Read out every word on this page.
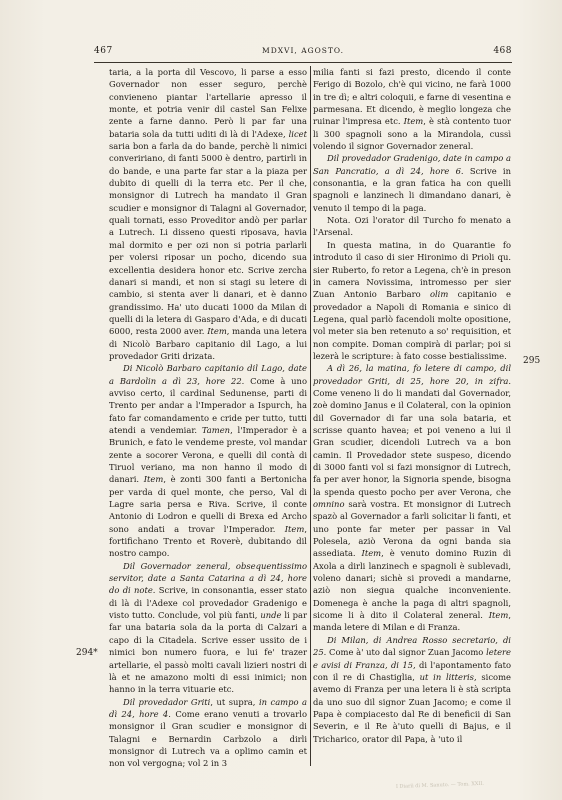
467	MDXVI, AGOSTO.	468
294*
295

taria, a la porta dil Vescovo, li parse a esso Governador non esser seguro, perchè convieneno piantar l'artellarie apresso il monte, et potria venir dil castel San Felixe zente a farne danno. Però li par far una bataria sola da tutti uditi di là di l'Adexe, licet saria bon a farla da do bande, perchè li nimici conveririano, di fanti 5000 è dentro, partirli in do bande, e una parte far star a la piaza per dubito di quelli di la terra etc. Per il che, monsignor di Lutrech ha mandato il Gran scudier e monsignor di Talagni al Governador, quali tornati, esso Proveditor andò per parlar a Lutrech. Li disseno questi riposava, havia mal dormito e per ozi non si potria parlarli per volersi riposar un pocho, dicendo sua excellentia desidera honor etc. Scrive zercha danari si mandi, et non si stagi su letere di cambio, si stenta aver li danari, et è danno grandissimo. Ha' uto ducati 1000 da Milan di quelli di la letera di Gasparo d'Ada, e di ducati 6000, resta 2000 aver. Item, manda una letera di Nicolò Barbaro capitanio dil Lago, a lui provedador Griti drizata.

Di Nicolò Barbaro capitanio dil Lago, date a Bardolin a dì 23, hore 22. Come à uno avviso certo, il cardinal Sedunense, parti di Trento per andar a l'Imperador a Ispurch, ha fato far comandamento e cride per tutto, tutti atendi a vendemiar. Tamen, l'Imperador è a Brunich, e fato le vendeme preste, vol mandar zente a socorer Verona, e quelli dil contà di Tiruol veriano, ma non hanno il modo di danari. Item, è zonti 300 fanti a Bertonicha per varda di quel monte, che perso, Val di Lagre saria persa e Riva. Scrive, il conte Antonio di Lodron e quelli di Brexa ed Archo sono andati a trovar l'Imperador. Item, fortifichano Trento et Roverè, dubitando dil nostro campo.

Dil Governador zeneral, obsequentissimo servitor, date a Santa Catarina a dì 24, hore do di note. Scrive, in consonantia, esser stato di là di l'Adexe col provedador Gradenigo e visto tutto. Conclude, vol più fanti, unde li par far una bataria sola da la porta di Calzari a capo di la Citadela. Scrive esser ussito de i nimici bon numero fuora, e lui fe' trazer artellarie, el passò molti cavali lizieri nostri di là et ne amazono molti di essi inimici; non hanno in la terra vituarie etc.

Dil provedador Griti, ut supra, in campo a dì 24, hore 4. Come erano venuti a trovarlo monsignor il Gran scudier e monsignor di Talagni e Bernardin Carbzolo a dirli monsignor di Lutrech va a oplimo camin et non vol vergogna; vol 2 in 3

milia fanti si fazi presto, dicendo il conte Ferigo di Bozolo, ch'è qui vicino, ne farà 1000 in tre dì; e altri coloquii, e farne di vesentina e parmesana. Et dicendo, è meglio longeza che ruinar l'impresa etc. Item, è stà contento tuor li 300 spagnoli sono a la Mirandola, cussì volendo il signor Governador zeneral.

Dil provedador Gradenigo, date in campo a San Pancratio, a dì 24, hore 6. Scrive in consonantia, e la gran fatica ha con quelli spagnoli e lanzinech li dimandano danari, è venuto il tempo di la paga.

Nota. Ozi l'orator dil Turcho fo menato a l'Arsenal.

In questa matina, in do Quarantie fo introduto il caso di sier Hironimo di Prioli qu. sier Ruberto, fo retor a Legena, ch'è in preson in camera Novissima, intromesso per sier Zuan Antonio Barbaro olim capitanio e provedador a Napoli di Romania e sinico di Legena, qual parlò facendoli molte opositione, vol meter sia ben retenuto a so' requisition, et non compite. Doman compirà di parlar; poi si lezerà le scripture: à fato cosse bestialissime.

A dì 26, la matina, fo letere di campo, dil provedador Griti, di 25, hore 20, in zifra. Come veneno li do li mandati dal Governador, zoè domino Janus e il Colateral, con la opinion dil Governador di far una sola bataria, et scrisse quanto havea; et poi veneno a lui il Gran scudier, dicendoli Lutrech va a bon camin. Il Provedador stete suspeso, dicendo di 3000 fanti vol si fazi monsignor di Lutrech, fa per aver honor, la Signoria spende, bisogna la spenda questo pocho per aver Verona, che omnino sarà vostra. Et monsignor di Lutrech spazò al Governador a farli solicitar li fanti, et uno ponte far meter per passar in Val Polesela, aziò Verona da ogni banda sia assediata. Item, è venuto domino Ruzin di Axola a dirli lanzinech e spagnoli è sublevadi, voleno danari; sichè si provedi a mandarne, aziò non sieguа qualche inconveniente. Domenega è anche la paga di altri spagnoli, sicome li à dito il Colateral zeneral. Item, manda letere di Milan e di Franza.

Di Milan, di Andrea Rosso secretario, di 25. Come à' uto dal signor Zuan Jacomo letere e avisi di Franza, di 15, di l'apontamento fato con il re di Chastiglia, ut in litteris, sicome avemo di Franza per una letera li è stà scripta da uno suo dil signor Zuan Jacomo; e come il Papa è compiacesto dal Re di beneficii di San Severin, e il Re à'uto quelli di Bajus, e il Tricharico, orator dil Papa, à 'uto il

I Diarii di M. Sanuto. — Tom. XXII.
